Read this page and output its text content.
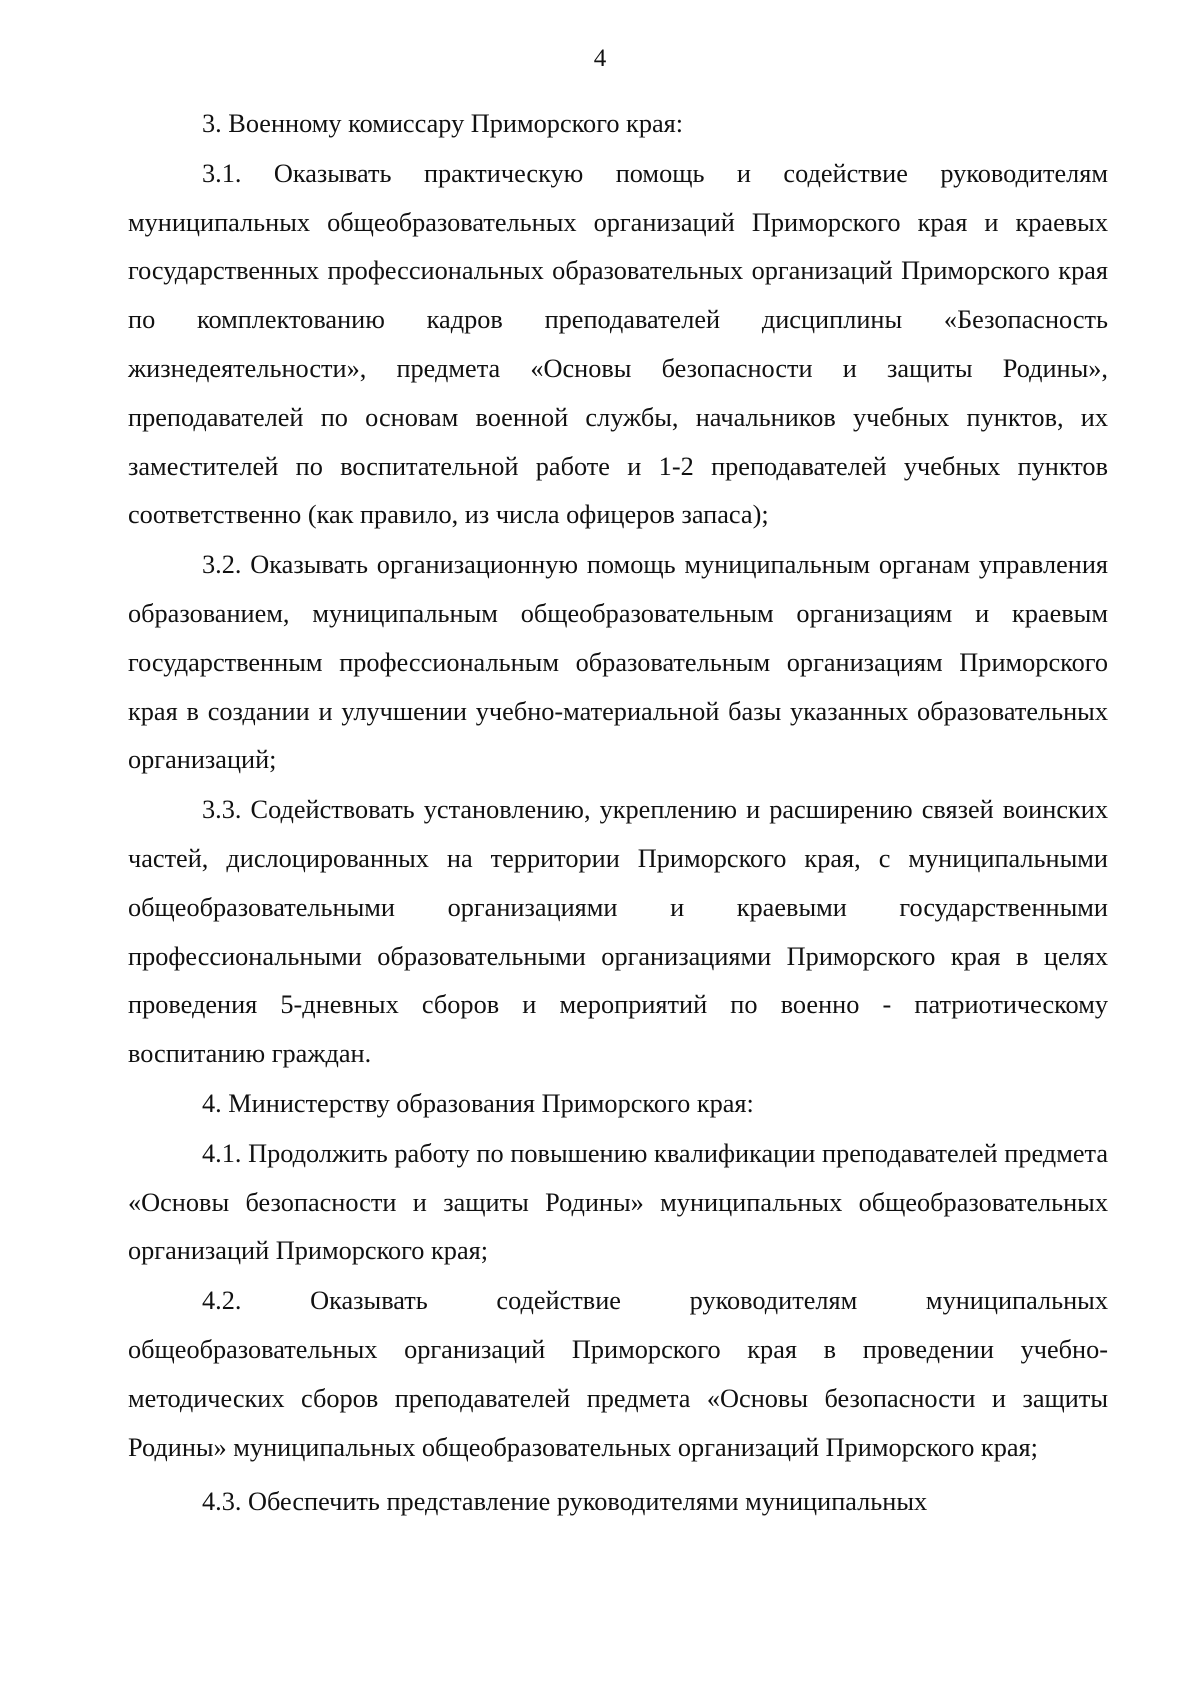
4

3. Военному комиссару Приморского края:

3.1. Оказывать практическую помощь и содействие руководителям муниципальных общеобразовательных организаций Приморского края и краевых государственных профессиональных образовательных организаций Приморского края по комплектованию кадров преподавателей дисциплины «Безопасность жизнедеятельности», предмета «Основы безопасности и защиты Родины», преподавателей по основам военной службы, начальников учебных пунктов, их заместителей по воспитательной работе и 1-2 преподавателей учебных пунктов соответственно (как правило, из числа офицеров запаса);

3.2. Оказывать организационную помощь муниципальным органам управления образованием, муниципальным общеобразовательным организациям и краевым государственным профессиональным образовательным организациям Приморского края в создании и улучшении учебно-материальной базы указанных образовательных организаций;

3.3. Содействовать установлению, укреплению и расширению связей воинских частей, дислоцированных на территории Приморского края, с муниципальными общеобразовательными организациями и краевыми государственными профессиональными образовательными организациями Приморского края в целях проведения 5-дневных сборов и мероприятий по военно - патриотическому воспитанию граждан.

4. Министерству образования Приморского края:

4.1. Продолжить работу по повышению квалификации преподавателей предмета «Основы безопасности и защиты Родины» муниципальных общеобразовательных организаций Приморского края;

4.2. Оказывать содействие руководителям муниципальных общеобразовательных организаций Приморского края в проведении учебно-методических сборов преподавателей предмета «Основы безопасности и защиты Родины» муниципальных общеобразовательных организаций Приморского края;

4.3. Обеспечить представление руководителями муниципальных
